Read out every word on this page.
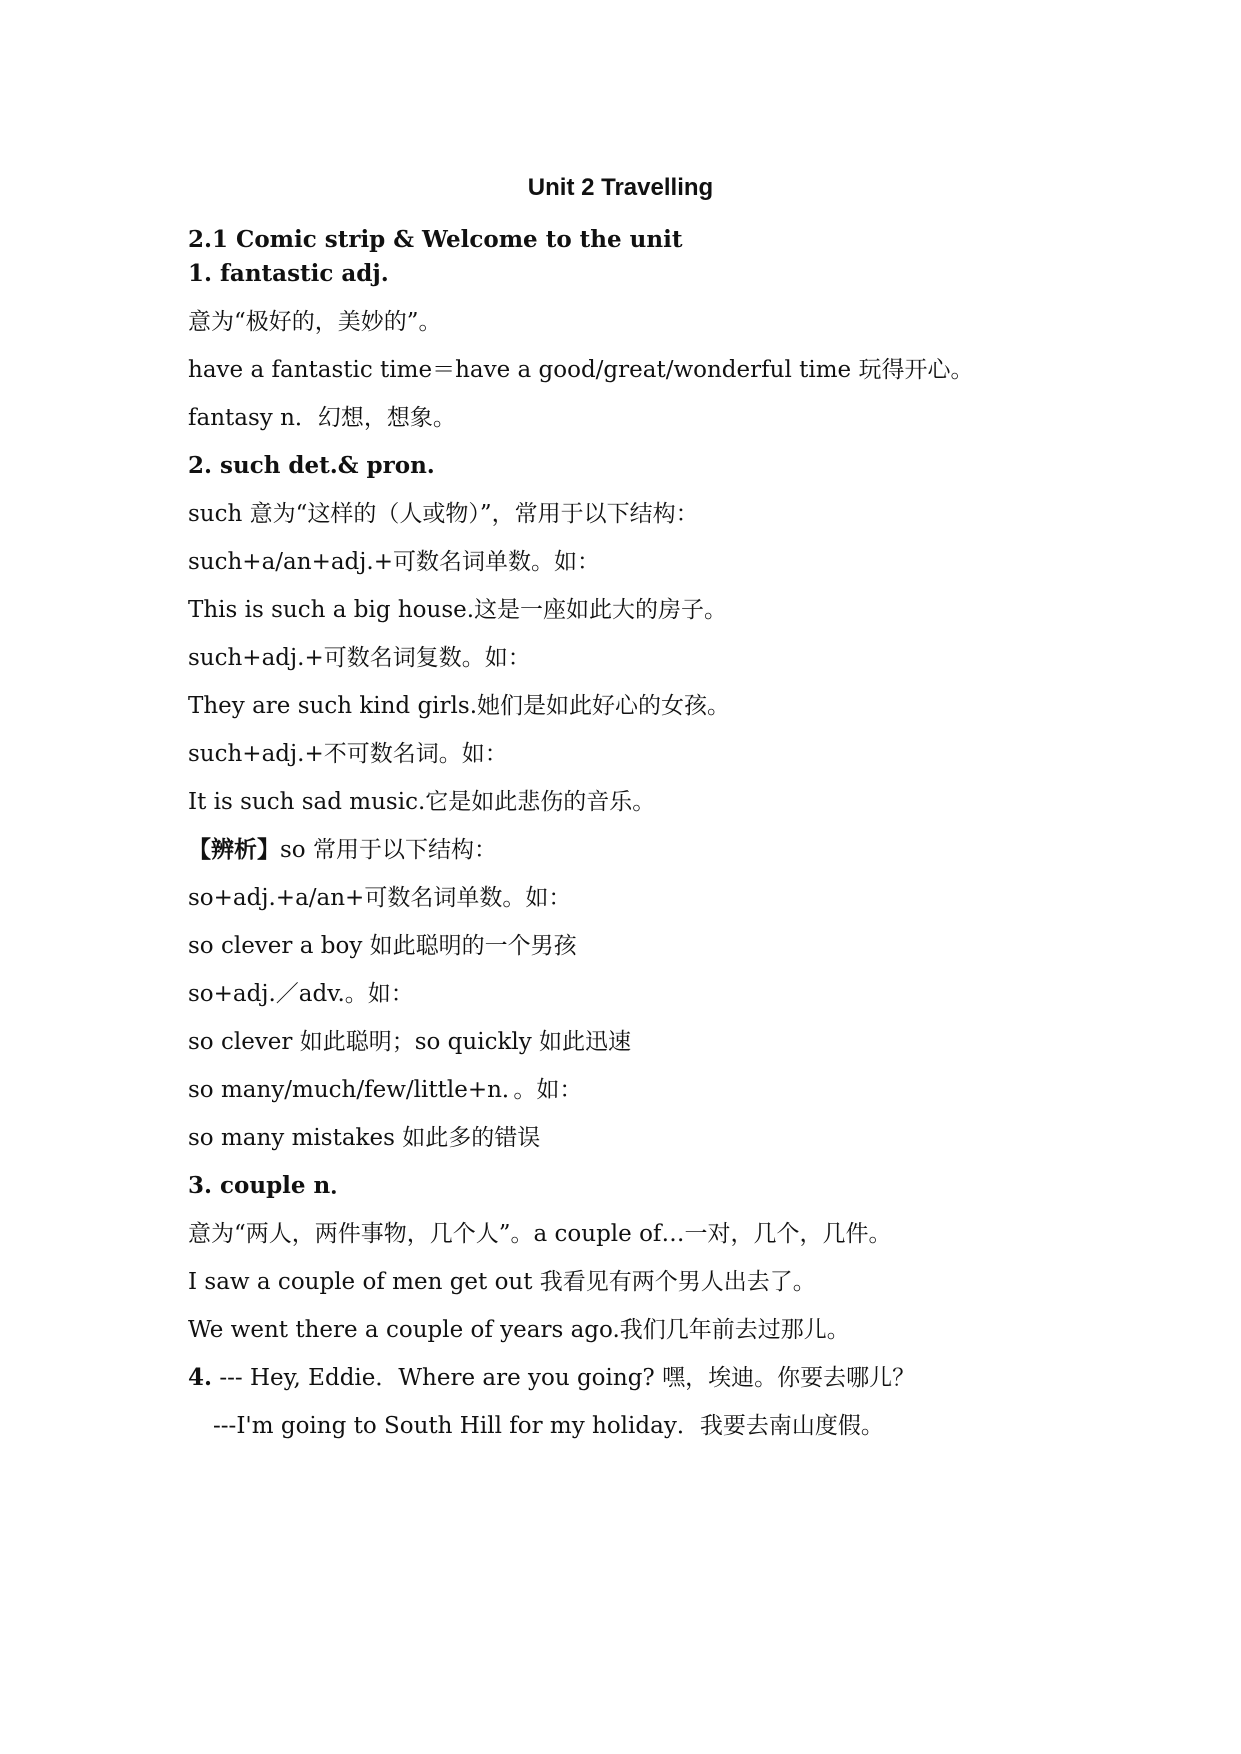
Unit 2 Travelling

2.1 Comic strip & Welcome to the unit

1. fantastic adj.

意为“极好的，美妙的”。

have a fantastic time＝have a good/great/wonderful time 玩得开心。

fantasy n．幻想，想象。

2. such det.& pron.

such 意为“这样的（人或物）”，常用于以下结构：

such+a/an+adj.+可数名词单数。如：

This is such a big house.这是一座如此大的房子。

such+adj.+可数名词复数。如：

They are such kind girls.她们是如此好心的女孩。

such+adj.+不可数名词。如：

It is such sad music.它是如此悲伤的音乐。

【辨析】so 常用于以下结构：

so+adj.+a/an+可数名词单数。如：

so clever a boy 如此聪明的一个男孩

so+adj.／adv.。如：

so clever 如此聪明；so quickly 如此迅速

so many/much/few/little+n．。如：

so many mistakes 如此多的错误

3. couple n．

意为“两人，两件事物，几个人”。a couple of…一对，几个，几件。

I saw a couple of men get out 我看见有两个男人出去了。

We went there a couple of years ago.我们几年前去过那儿。

4. --- Hey, Eddie．Where are you going? 嘿，埃迪。你要去哪儿？

---I'm going to South Hill for my holiday．我要去南山度假。
